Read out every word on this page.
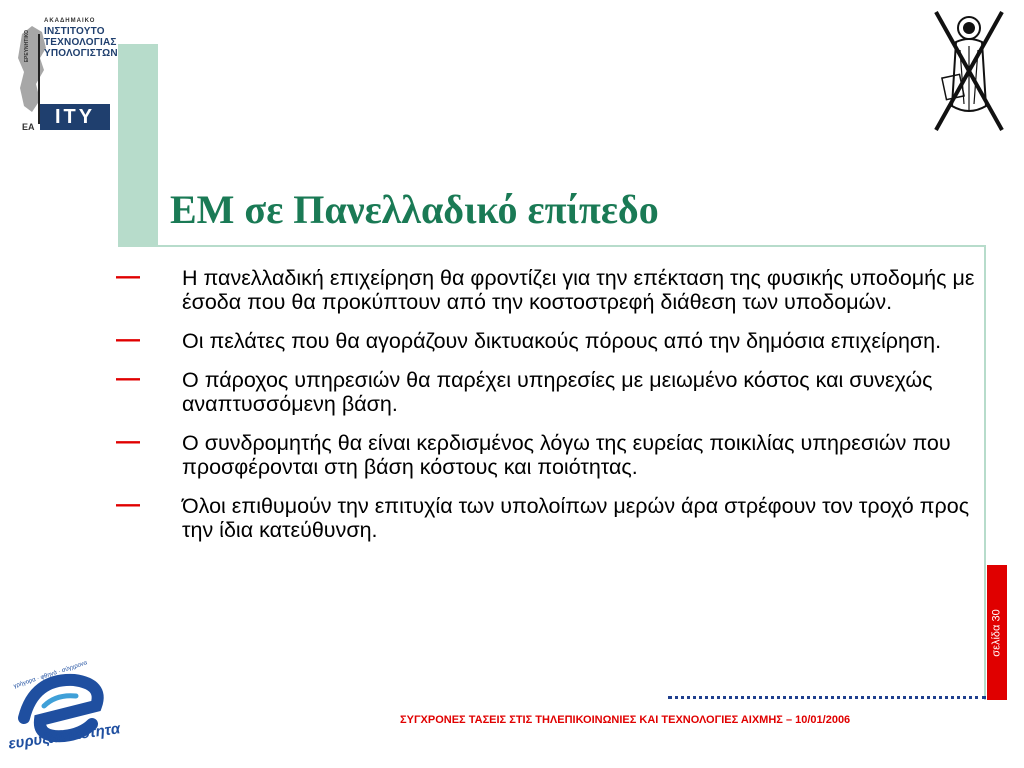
ΑΚΑΔΗΜΑΙΚΟ
ΕΡΕΥΝΗΤΙΚΟ ΙΝΣΤΙΤΟΥΤΟ
ΤΕΧΝΟΛΟΓΙΑΣ
ΥΠΟΛΟΓΙΣΤΩΝ
ΕΑ	ΙΤΥ
ΕΜ σε Πανελλαδικό επίπεδο
— Η πανελλαδική επιχείρηση θα φροντίζει για την επέκταση της φυσικής υποδομής με έσοδα που θα προκύπτουν από την κοστοστρεφή διάθεση των υποδομών.
— Οι πελάτες που θα αγοράζουν δικτυακούς πόρους από την δημόσια επιχείρηση.
— Ο πάροχος υπηρεσιών θα παρέχει υπηρεσίες με μειωμένο κόστος και συνεχώς αναπτυσσόμενη βάση.
— Ο συνδρομητής θα είναι κερδισμένος λόγω της ευρείας ποικιλίας υπηρεσιών που προσφέρονται στη βάση κόστους και ποιότητας.
— Όλοι επιθυμούν την επιτυχία των υπολοίπων μερών άρα στρέφουν τον τροχό προς την ίδια κατεύθυνση.
σελίδα 30
ΣΥΓΧΡΟΝΕΣ ΤΑΣΕΙΣ ΣΤΙΣ ΤΗΛΕΠΙΚΟΙΝΩΝΙΕΣ ΚΑΙ ΤΕΧΝΟΛΟΓΙΕΣ ΑΙΧΜΗΣ – 10/01/2006
γρήγορα · φθηνά · σύγχρονα
ευρυζωνικότητα
